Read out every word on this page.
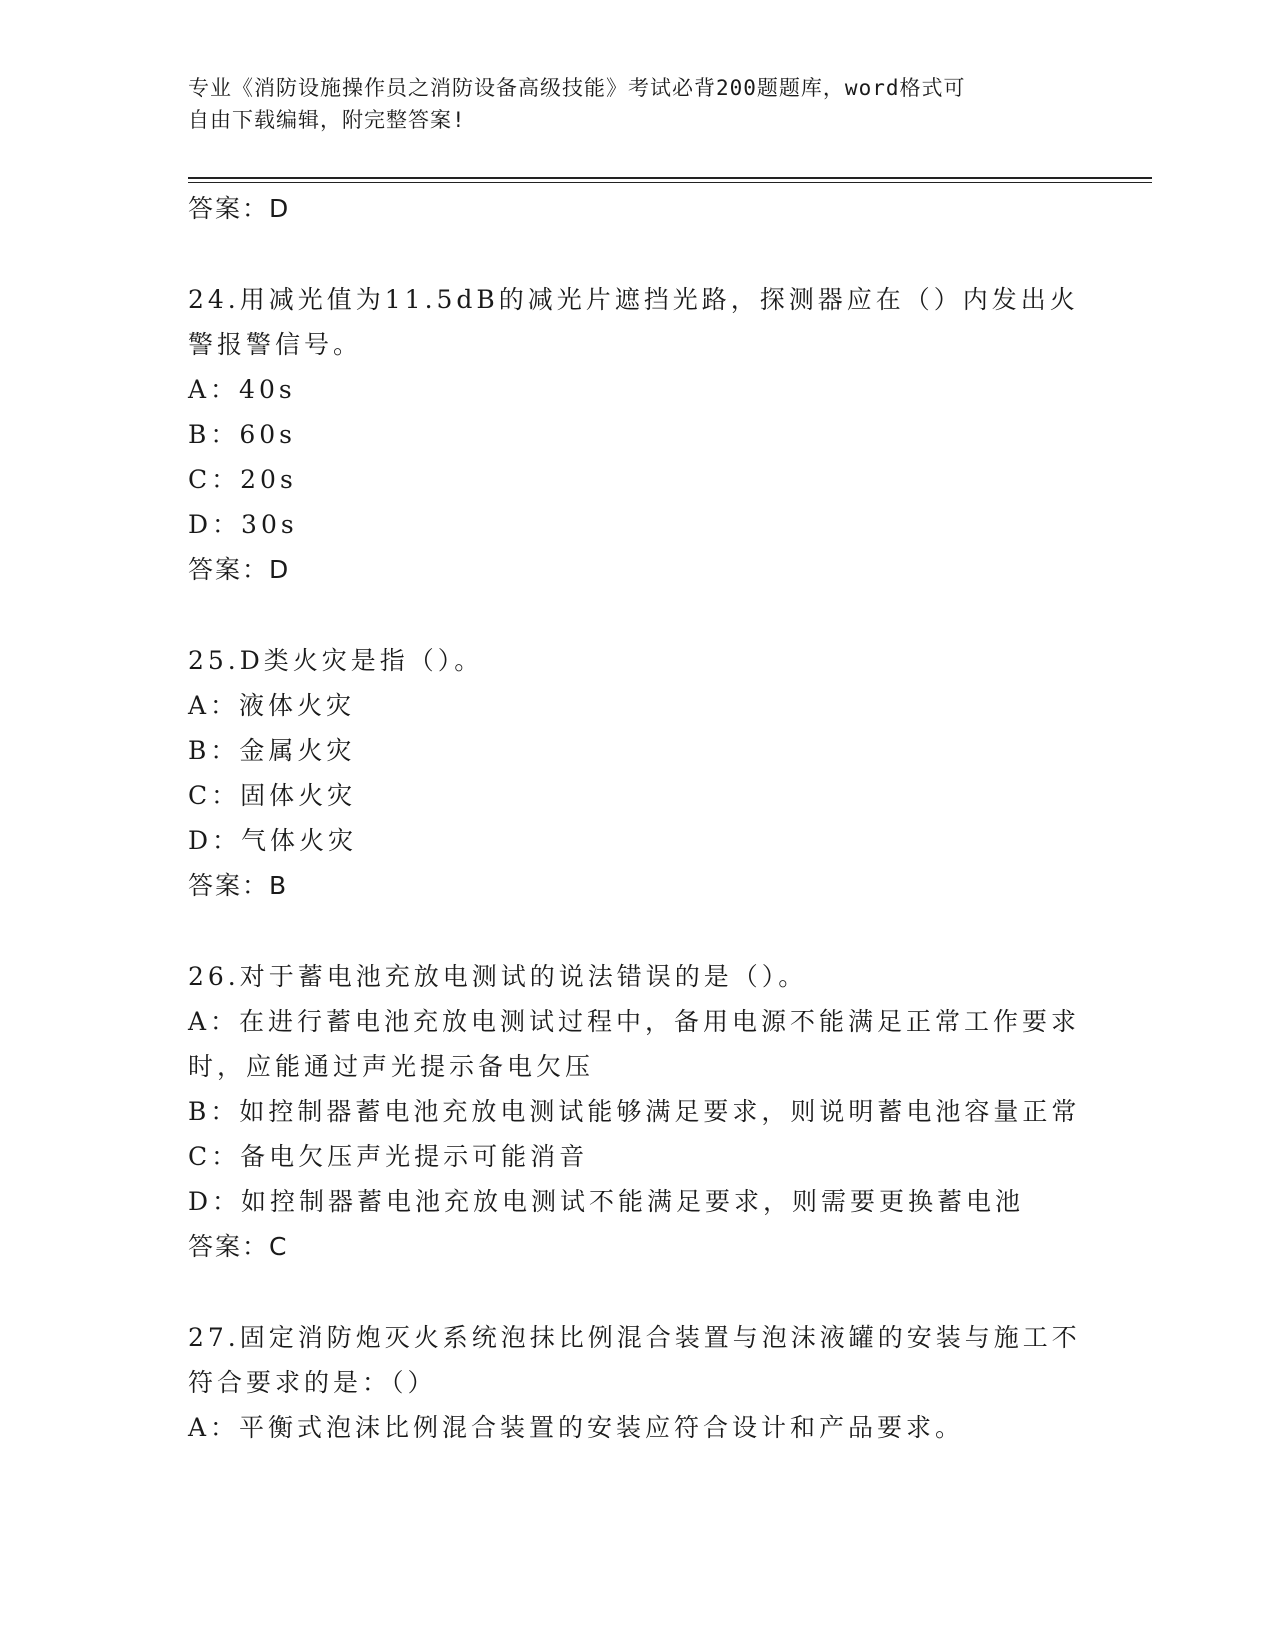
专业《消防设施操作员之消防设备高级技能》考试必背200题题库，word格式可
自由下载编辑，附完整答案!
答案：D
24.用减光值为11.5dB的减光片遮挡光路，探测器应在（）内发出火
警报警信号。
A：40s
B：60s
C：20s
D：30s
答案：D
25.D类火灾是指（）。
A：液体火灾
B：金属火灾
C：固体火灾
D：气体火灾
答案：B
26.对于蓄电池充放电测试的说法错误的是（）。
A：在进行蓄电池充放电测试过程中，备用电源不能满足正常工作要求
时，应能通过声光提示备电欠压
B：如控制器蓄电池充放电测试能够满足要求，则说明蓄电池容量正常
C：备电欠压声光提示可能消音
D：如控制器蓄电池充放电测试不能满足要求，则需要更换蓄电池
答案：C
27.固定消防炮灭火系统泡抹比例混合装置与泡沫液罐的安装与施工不
符合要求的是：（）
A：平衡式泡沫比例混合装置的安装应符合设计和产品要求。
